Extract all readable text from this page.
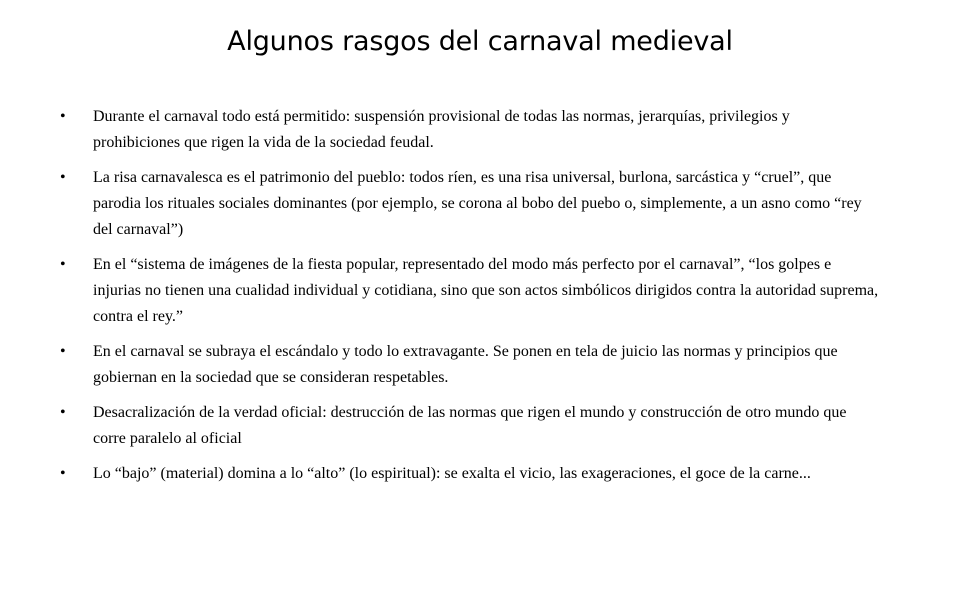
Algunos rasgos del carnaval medieval
•	Durante el carnaval todo está permitido: suspensión provisional de todas las normas, jerarquías, privilegios y prohibiciones que rigen la vida de la sociedad feudal.
•	La risa carnavalesca es el patrimonio del pueblo: todos ríen, es una risa universal, burlona, sarcástica y “cruel”, que parodia los rituales sociales dominantes (por ejemplo, se corona al bobo del puebo o, simplemente, a un asno como “rey del carnaval”)
•	En el “sistema de imágenes de la fiesta popular, representado del modo más perfecto por el carnaval”, “los golpes e injurias no tienen una cualidad individual y cotidiana, sino que son actos simbólicos dirigidos contra la autoridad suprema, contra el rey.”
•	En el carnaval se subraya el escándalo y todo lo extravagante. Se ponen en tela de juicio las normas y principios que gobiernan en la sociedad que se consideran respetables.
•	Desacralización de la verdad oficial: destrucción de las normas que rigen el mundo y construcción de otro mundo que corre paralelo al oficial
•	Lo “bajo” (material) domina a lo “alto” (lo espiritual): se exalta el vicio, las exageraciones, el goce de la carne...
